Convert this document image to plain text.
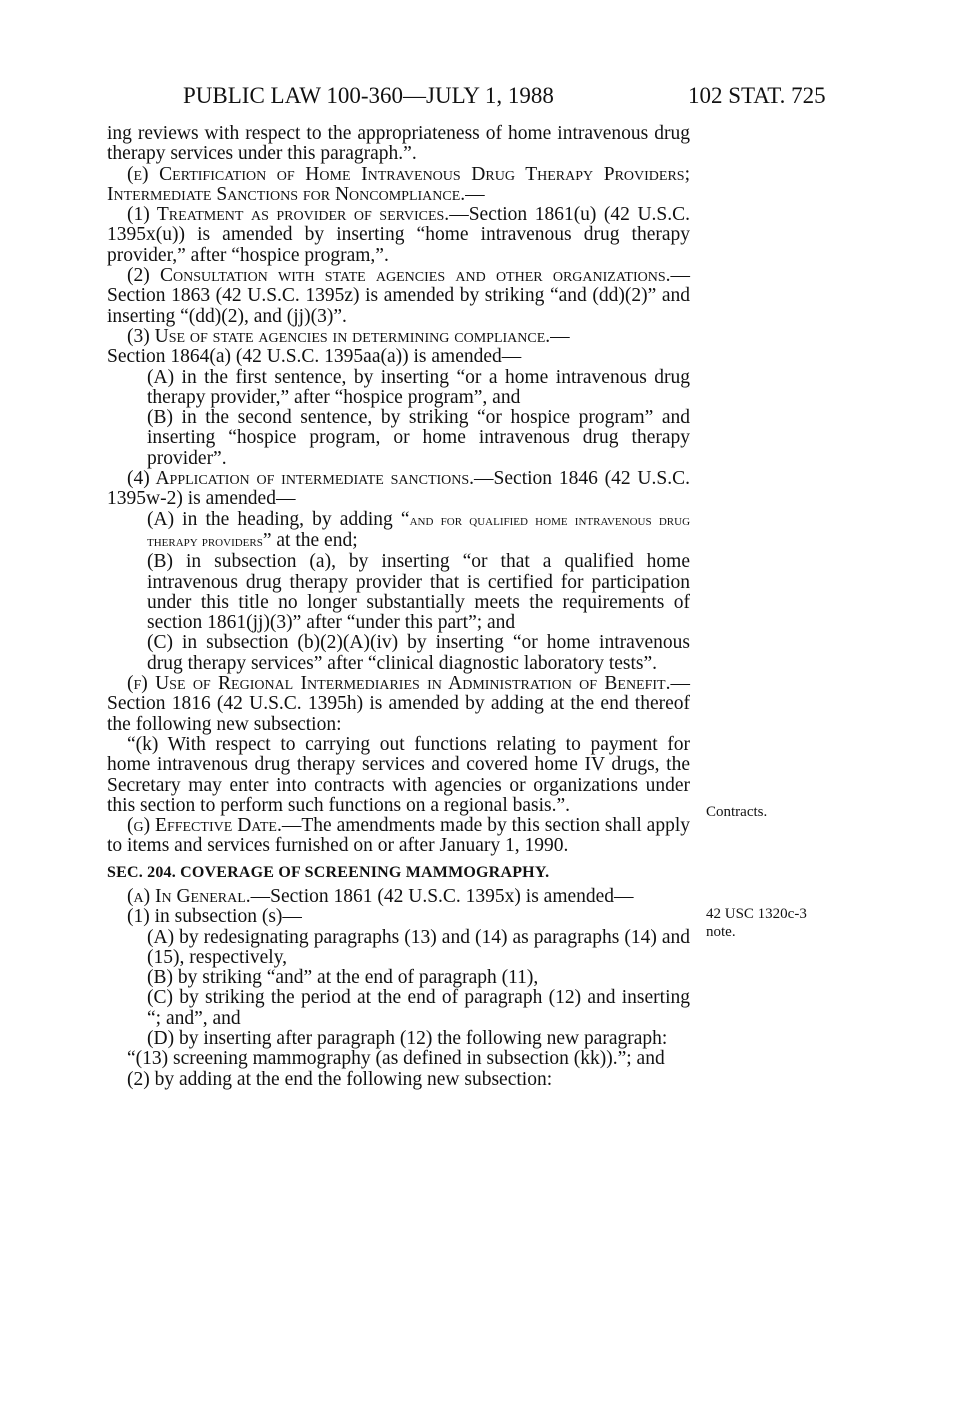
PUBLIC LAW 100-360—JULY 1, 1988	102 STAT. 725
Contracts.
42 USC 1320c-3
note.

ing reviews with respect to the appropriateness of home intravenous drug therapy services under this paragraph.”.

(e) Certification of Home Intravenous Drug Therapy Providers; Intermediate Sanctions for Noncompliance.—

(1) Treatment as provider of services.—Section 1861(u) (42 U.S.C. 1395x(u)) is amended by inserting “home intravenous drug therapy provider,” after “hospice program,”.

(2) Consultation with state agencies and other organizations.—Section 1863 (42 U.S.C. 1395z) is amended by striking “and (dd)(2)” and inserting “(dd)(2), and (jj)(3)”.

(3) Use of state agencies in determining compliance.—

Section 1864(a) (42 U.S.C. 1395aa(a)) is amended—

(A) in the first sentence, by inserting “or a home intravenous drug therapy provider,” after “hospice program”, and

(B) in the second sentence, by striking “or hospice program” and inserting “hospice program, or home intravenous drug therapy provider”.

(4) Application of intermediate sanctions.—Section 1846 (42 U.S.C. 1395w-2) is amended—

(A) in the heading, by adding “and for qualified home intravenous drug therapy providers” at the end;

(B) in subsection (a), by inserting “or that a qualified home intravenous drug therapy provider that is certified for participation under this title no longer substantially meets the requirements of section 1861(jj)(3)” after “under this part”; and

(C) in subsection (b)(2)(A)(iv) by inserting “or home intravenous drug therapy services” after “clinical diagnostic laboratory tests”.

(f) Use of Regional Intermediaries in Administration of Benefit.—Section 1816 (42 U.S.C. 1395h) is amended by adding at the end thereof the following new subsection:

“(k) With respect to carrying out functions relating to payment for home intravenous drug therapy services and covered home IV drugs, the Secretary may enter into contracts with agencies or organizations under this section to perform such functions on a regional basis.”.

(g) Effective Date.—The amendments made by this section shall apply to items and services furnished on or after January 1, 1990.

SEC. 204. COVERAGE OF SCREENING MAMMOGRAPHY.

(a) In General.—Section 1861 (42 U.S.C. 1395x) is amended—

(1) in subsection (s)—

(A) by redesignating paragraphs (13) and (14) as paragraphs (14) and (15), respectively,

(B) by striking “and” at the end of paragraph (11),

(C) by striking the period at the end of paragraph (12) and inserting “; and”, and

(D) by inserting after paragraph (12) the following new paragraph:

“(13) screening mammography (as defined in subsection (kk)).”; and

(2) by adding at the end the following new subsection:
